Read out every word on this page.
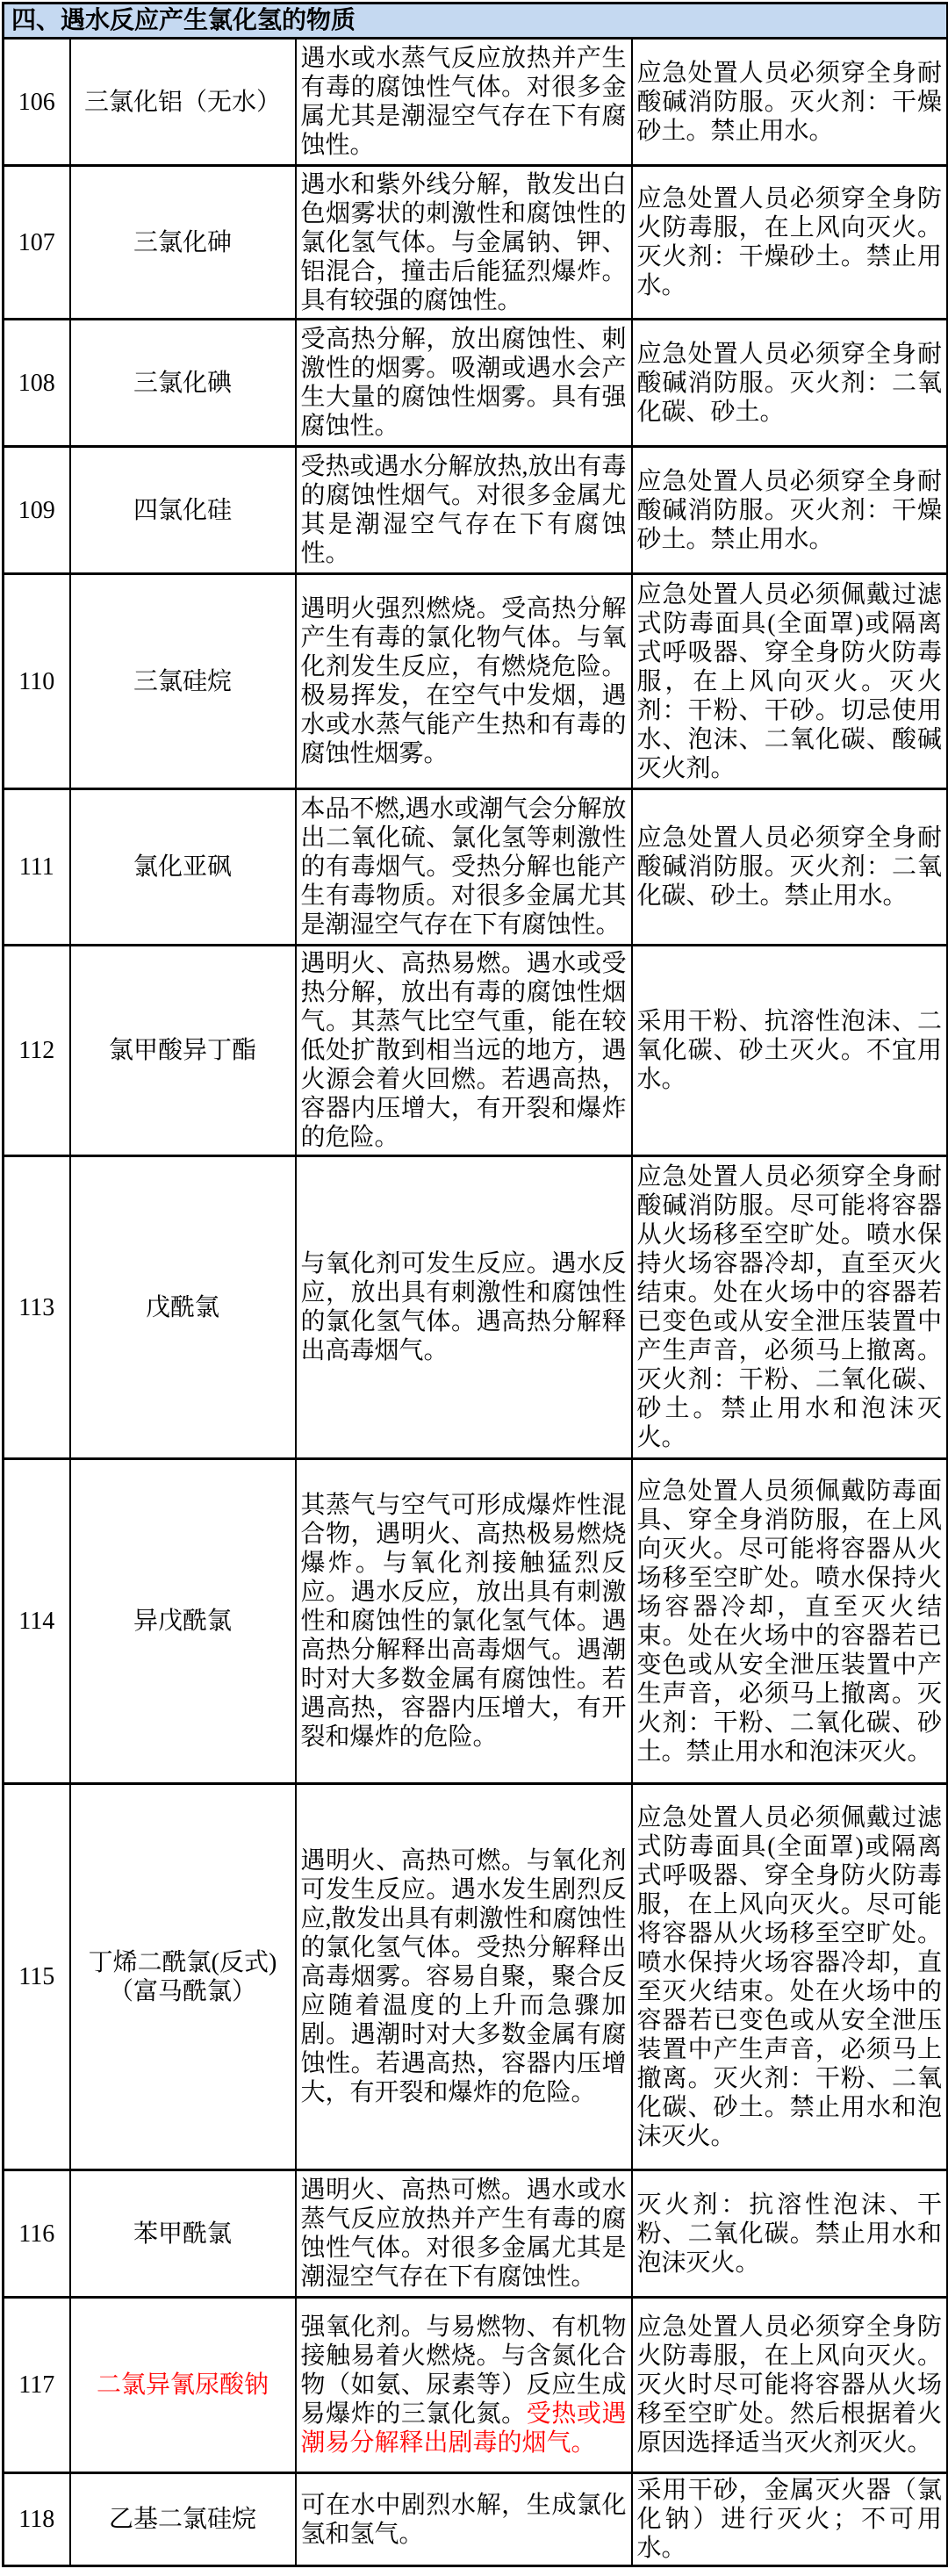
四、遇水反应产生氯化氢的物质			
106	三氯化铝（无水）	遇水或水蒸气反应放热并产生有毒的腐蚀性气体。对很多金属尤其是潮湿空气存在下有腐蚀性。	应急处置人员必须穿全身耐酸碱消防服。灭火剂：干燥砂土。禁止用水。
107	三氯化砷	遇水和紫外线分解，散发出白色烟雾状的刺激性和腐蚀性的氯化氢气体。与金属钠、钾、铝混合，撞击后能猛烈爆炸。具有较强的腐蚀性。	应急处置人员必须穿全身防火防毒服，在上风向灭火。灭火剂：干燥砂土。禁止用水。
108	三氯化碘	受高热分解，放出腐蚀性、刺激性的烟雾。吸潮或遇水会产生大量的腐蚀性烟雾。具有强腐蚀性。	应急处置人员必须穿全身耐酸碱消防服。灭火剂：二氧化碳、砂土。
109	四氯化硅	受热或遇水分解放热,放出有毒的腐蚀性烟气。对很多金属尤其是潮湿空气存在下有腐蚀性。	应急处置人员必须穿全身耐酸碱消防服。灭火剂：干燥砂土。禁止用水。
110	三氯硅烷	遇明火强烈燃烧。受高热分解产生有毒的氯化物气体。与氧化剂发生反应，有燃烧危险。极易挥发，在空气中发烟，遇水或水蒸气能产生热和有毒的腐蚀性烟雾。	应急处置人员必须佩戴过滤式防毒面具(全面罩)或隔离式呼吸器、穿全身防火防毒服，在上风向灭火。灭火剂：干粉、干砂。切忌使用水、泡沫、二氧化碳、酸碱灭火剂。
111	氯化亚砜	本品不燃,遇水或潮气会分解放出二氧化硫、氯化氢等刺激性的有毒烟气。受热分解也能产生有毒物质。对很多金属尤其是潮湿空气存在下有腐蚀性。	应急处置人员必须穿全身耐酸碱消防服。灭火剂：二氧化碳、砂土。禁止用水。
112	氯甲酸异丁酯	遇明火、高热易燃。遇水或受热分解，放出有毒的腐蚀性烟气。其蒸气比空气重，能在较低处扩散到相当远的地方，遇火源会着火回燃。若遇高热，容器内压增大，有开裂和爆炸的危险。	采用干粉、抗溶性泡沫、二氧化碳、砂土灭火。不宜用水。
113	戊酰氯	与氧化剂可发生反应。遇水反应，放出具有刺激性和腐蚀性的氯化氢气体。遇高热分解释出高毒烟气。	应急处置人员必须穿全身耐酸碱消防服。尽可能将容器从火场移至空旷处。喷水保持火场容器冷却，直至灭火结束。处在火场中的容器若已变色或从安全泄压装置中产生声音，必须马上撤离。灭火剂：干粉、二氧化碳、砂土。禁止用水和泡沫灭火。
114	异戊酰氯	其蒸气与空气可形成爆炸性混合物，遇明火、高热极易燃烧爆炸。与氧化剂接触猛烈反应。遇水反应，放出具有刺激性和腐蚀性的氯化氢气体。遇高热分解释出高毒烟气。遇潮时对大多数金属有腐蚀性。若遇高热，容器内压增大，有开裂和爆炸的危险。	应急处置人员须佩戴防毒面具、穿全身消防服，在上风向灭火。尽可能将容器从火场移至空旷处。喷水保持火场容器冷却，直至灭火结束。处在火场中的容器若已变色或从安全泄压装置中产生声音，必须马上撤离。灭火剂：干粉、二氧化碳、砂土。禁止用水和泡沫灭火。
115	丁烯二酰氯(反式)（富马酰氯）	遇明火、高热可燃。与氧化剂可发生反应。遇水发生剧烈反应,散发出具有刺激性和腐蚀性的氯化氢气体。受热分解释出高毒烟雾。容易自聚，聚合反应随着温度的上升而急骤加剧。遇潮时对大多数金属有腐蚀性。若遇高热，容器内压增大，有开裂和爆炸的危险。	应急处置人员必须佩戴过滤式防毒面具(全面罩)或隔离式呼吸器、穿全身防火防毒服，在上风向灭火。尽可能将容器从火场移至空旷处。喷水保持火场容器冷却，直至灭火结束。处在火场中的容器若已变色或从安全泄压装置中产生声音，必须马上撤离。灭火剂：干粉、二氧化碳、砂土。禁止用水和泡沫灭火。
116	苯甲酰氯	遇明火、高热可燃。遇水或水蒸气反应放热并产生有毒的腐蚀性气体。对很多金属尤其是潮湿空气存在下有腐蚀性。	灭火剂：抗溶性泡沫、干粉、二氧化碳。禁止用水和泡沫灭火。
117	二氯异氰尿酸钠	强氧化剂。与易燃物、有机物接触易着火燃烧。与含氮化合物（如氨、尿素等）反应生成易爆炸的三氯化氮。受热或遇潮易分解释出剧毒的烟气。	应急处置人员必须穿全身防火防毒服，在上风向灭火。灭火时尽可能将容器从火场移至空旷处。然后根据着火原因选择适当灭火剂灭火。
118	乙基二氯硅烷	可在水中剧烈水解，生成氯化氢和氢气。	采用干砂，金属灭火器（氯化钠）进行灭火；不可用水。
